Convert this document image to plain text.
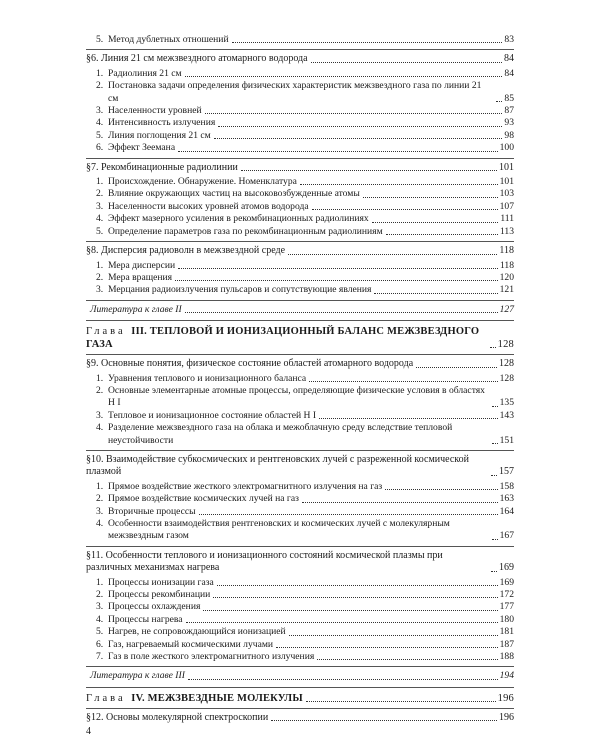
5. Метод дублетных отношений	83
§6. Линия 21 см межзвездного атомарного водорода	84
1. Радиолиния 21 см	84
2. Постановка задачи определения физических характеристик межзвездного газа по линии 21 см	85
3. Населенности уровней	87
4. Интенсивность излучения	93
5. Линия поглощения 21 см	98
6. Эффект Зеемана	100
§7. Рекомбинационные радиолинии	101
1. Происхождение. Обнаружение. Номенклатура	101
2. Влияние окружающих частиц на высоковозбужденные атомы	103
3. Населенности высоких уровней атомов водорода	107
4. Эффект мазерного усиления в рекомбинационных радиолиниях	111
5. Определение параметров газа по рекомбинационным радиолиниям	113
§8. Дисперсия радиоволн в межзвездной среде	118
1. Мера дисперсии	118
2. Мера вращения	120
3. Мерцания радиоизлучения пульсаров и сопутствующие явления	121
Литература к главе II	127
Глава III. ТЕПЛОВОЙ И ИОНИЗАЦИОННЫЙ БАЛАНС МЕЖЗВЕЗДНОГО ГАЗА	128
§9. Основные понятия, физическое состояние областей атомарного водорода	128
1. Уравнения теплового и ионизационного баланса	128
2. Основные элементарные атомные процессы, определяющие физические условия в областях H I	135
3. Тепловое и ионизационное состояние областей H I	143
4. Разделение межзвездного газа на облака и межоблачную среду вследствие тепловой неустойчивости	151
§10. Взаимодействие субкосмических и рентгеновских лучей с разреженной космической плазмой	157
1. Прямое воздействие жесткого электромагнитного излучения на газ	158
2. Прямое воздействие космических лучей на газ	163
3. Вторичные процессы	164
4. Особенности взаимодействия рентгеновских и космических лучей с молекулярным межзвездным газом	167
§11. Особенности теплового и ионизационного состояний космической плазмы при различных механизмах нагрева	169
1. Процессы ионизации газа	169
2. Процессы рекомбинации	172
3. Процессы охлаждения	177
4. Процессы нагрева	180
5. Нагрев, не сопровождающийся ионизацией	181
6. Газ, нагреваемый космическими лучами	187
7. Газ в поле жесткого электромагнитного излучения	188
Литература к главе III	194
Глава IV. МЕЖЗВЕЗДНЫЕ МОЛЕКУЛЫ	196
§12. Основы молекулярной спектроскопии	196
4
